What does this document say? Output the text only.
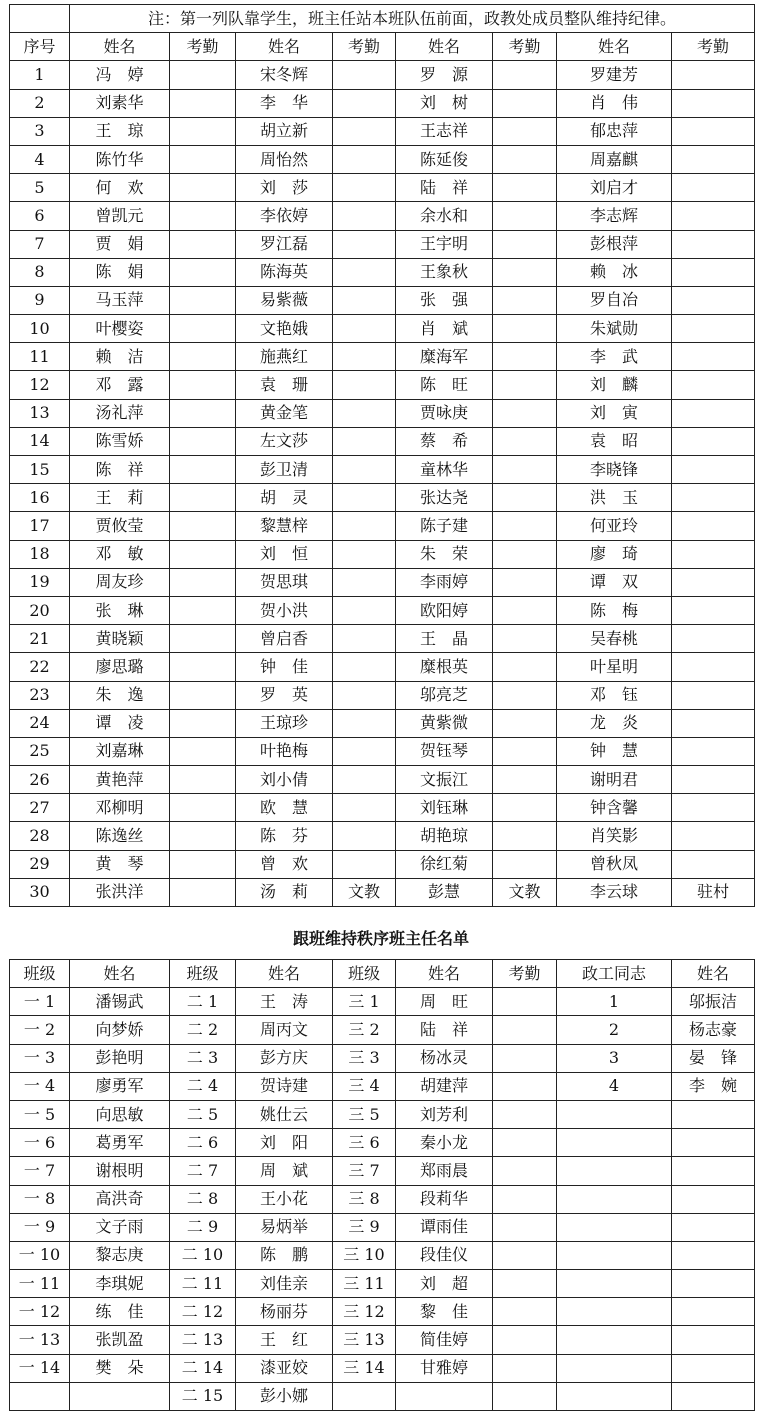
	注：第一列队靠学生，班主任站本班队伍前面，政教处成员整队维持纪律。							
序号	姓名	考勤	姓名	考勤	姓名	考勤	姓名	考勤
1	冯　婷		宋冬辉		罗　源		罗建芳	
2	刘素华		李　华		刘　树		肖　伟	
3	王　琼		胡立新		王志祥		郁忠萍	
4	陈竹华		周怡然		陈延俊		周嘉麒	
5	何　欢		刘　莎		陆　祥		刘启才	
6	曾凯元		李依婷		余水和		李志辉	
7	贾　娟		罗江磊		王宇明		彭根萍	
8	陈　娟		陈海英		王象秋		赖　冰	
9	马玉萍		易紫薇		张　强		罗自冶	
10	叶樱姿		文艳娥		肖　斌		朱斌勋	
11	赖　洁		施燕红		糜海军		李　武	
12	邓　露		袁　珊		陈　旺		刘　麟	
13	汤礼萍		黄金笔		贾咏庚		刘　寅	
14	陈雪娇		左文莎		蔡　希		袁　昭	
15	陈　祥		彭卫清		童林华		李晓锋	
16	王　莉		胡　灵		张达尧		洪　玉	
17	贾攸莹		黎慧梓		陈子建		何亚玲	
18	邓　敏		刘　恒		朱　荣		廖　琦	
19	周友珍		贺思琪		李雨婷		谭　双	
20	张　琳		贺小洪		欧阳婷		陈　梅	
21	黄晓颖		曾启香		王　晶		吴春桃	
22	廖思璐		钟　佳		糜根英		叶星明	
23	朱　逸		罗　英		邬亮芝		邓　钰	
24	谭　凌		王琼珍		黄紫微		龙　炎	
25	刘嘉琳		叶艳梅		贺钰琴		钟　慧	
26	黄艳萍		刘小倩		文振江		谢明君	
27	邓柳明		欧　慧		刘钰琳		钟含馨	
28	陈逸丝		陈　芬		胡艳琼		肖笑影	
29	黄　琴		曾　欢		徐红菊		曾秋凤	
30	张洪洋		汤　莉	文教	彭慧	文教	李云球	驻村
跟班维持秩序班主任名单
班级	姓名	班级	姓名	班级	姓名	考勤	政工同志	姓名
一 1	潘锡武	二 1	王　涛	三 1	周　旺		1	邬振洁
一 2	向梦娇	二 2	周丙文	三 2	陆　祥		2	杨志豪
一 3	彭艳明	二 3	彭方庆	三 3	杨冰灵		3	晏　锋
一 4	廖勇军	二 4	贺诗建	三 4	胡建萍		4	李　婉
一 5	向思敏	二 5	姚仕云	三 5	刘芳利			
一 6	葛勇军	二 6	刘　阳	三 6	秦小龙			
一 7	谢根明	二 7	周　斌	三 7	郑雨晨			
一 8	高洪奇	二 8	王小花	三 8	段莉华			
一 9	文子雨	二 9	易炳举	三 9	谭雨佳			
一 10	黎志庚	二 10	陈　鹏	三 10	段佳仪			
一 11	李琪妮	二 11	刘佳亲	三 11	刘　超			
一 12	练　佳	二 12	杨丽芬	三 12	黎　佳			
一 13	张凯盈	二 13	王　红	三 13	简佳婷			
一 14	樊　朵	二 14	漆亚姣	三 14	甘雅婷			
		二 15	彭小娜					
